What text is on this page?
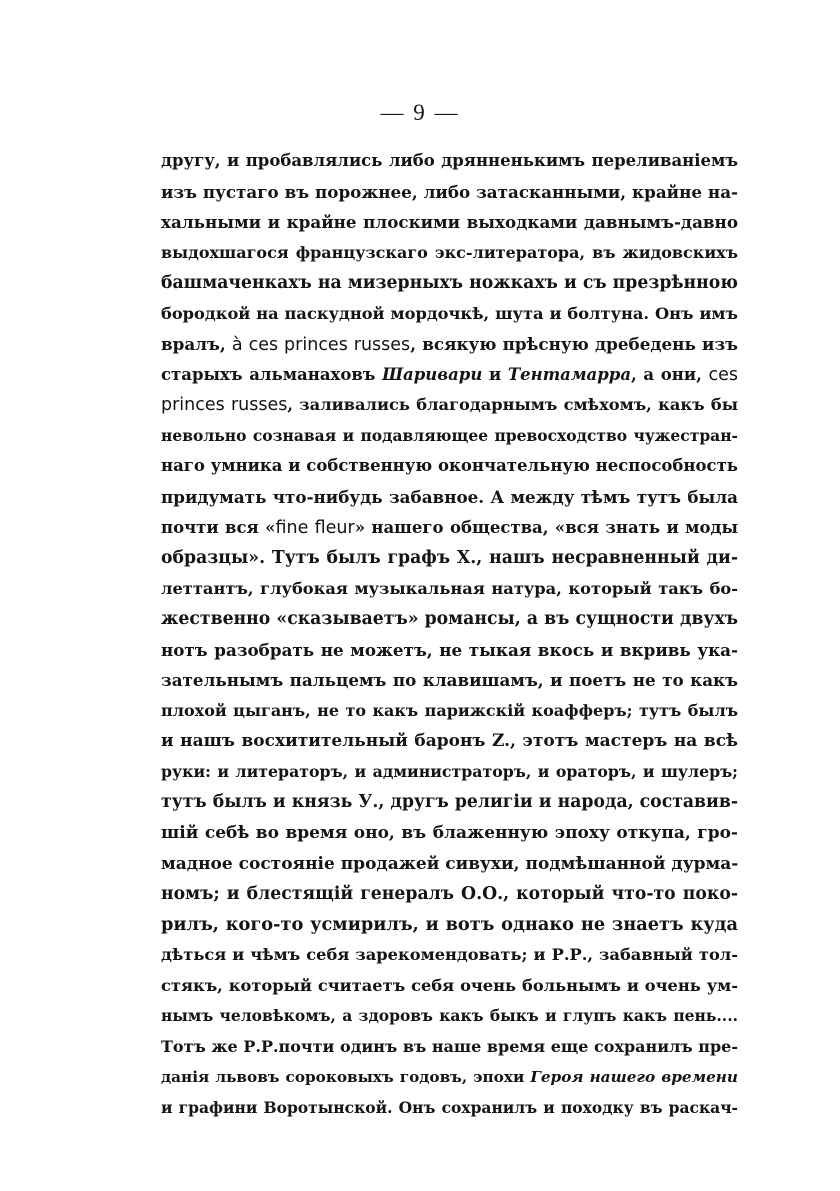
— 9 —
другу, и пробавлялись либо дрянненькимъ переливаніемъ
изъ пустаго въ порожнее, либо затасканными, крайне на-
хальными и крайне плоскими выходками давнымъ-давно
выдохшагося французскаго экс-литератора, въ жидовскихъ
башмаченкахъ на мизерныхъ ножкахъ и съ презрѣнною
бородкой на паскудной мордочкѣ, шута и болтуна. Онъ имъ
вралъ, à ces princes russes, всякую прѣсную дребедень изъ
старыхъ альманаховъ Шаривари и Тентамарра, а они, ces
princes russes, заливались благодарнымъ смѣхомъ, какъ бы
невольно сознавая и подавляющее превосходство чужестран-
наго умника и собственную окончательную неспособность
придумать что-нибудь забавное. А между тѣмъ тутъ была
почти вся «fine fleur» нашего общества, «вся знать и моды
образцы». Тутъ былъ графъ X., нашъ несравненный ди-
леттантъ, глубокая музыкальная натура, который такъ бо-
жественно «сказываетъ» романсы, а въ сущности двухъ
нотъ разобрать не можетъ, не тыкая вкось и вкривь ука-
зательнымъ пальцемъ по клавишамъ, и поетъ не то какъ
плохой цыганъ, не то какъ парижскій коафферъ; тутъ былъ
и нашъ восхитительный баронъ Z., этотъ мастеръ на всѣ
руки: и литераторъ, и администраторъ, и ораторъ, и шулеръ;
тутъ былъ и князь У., другъ религіи и народа, составив-
шій себѣ во время оно, въ блаженную эпоху откупа, гро-
мадное состояніе продажей сивухи, подмѣшанной дурма-
номъ; и блестящій генералъ О.О., который что-то поко-
рилъ, кого-то усмирилъ, и вотъ однако не знаетъ куда
дѣться и чѣмъ себя зарекомендовать; и Р.Р., забавный тол-
стякъ, который считаетъ себя очень больнымъ и очень ум-
нымъ человѣкомъ, а здоровъ какъ быкъ и глупъ какъ пень....
Тотъ же Р.Р.почти одинъ въ наше время еще сохранилъ пре-
данія львовъ сороковыхъ годовъ, эпохи Героя нашего времени
и графини Воротынской. Онъ сохранилъ и походку въ раскач-
